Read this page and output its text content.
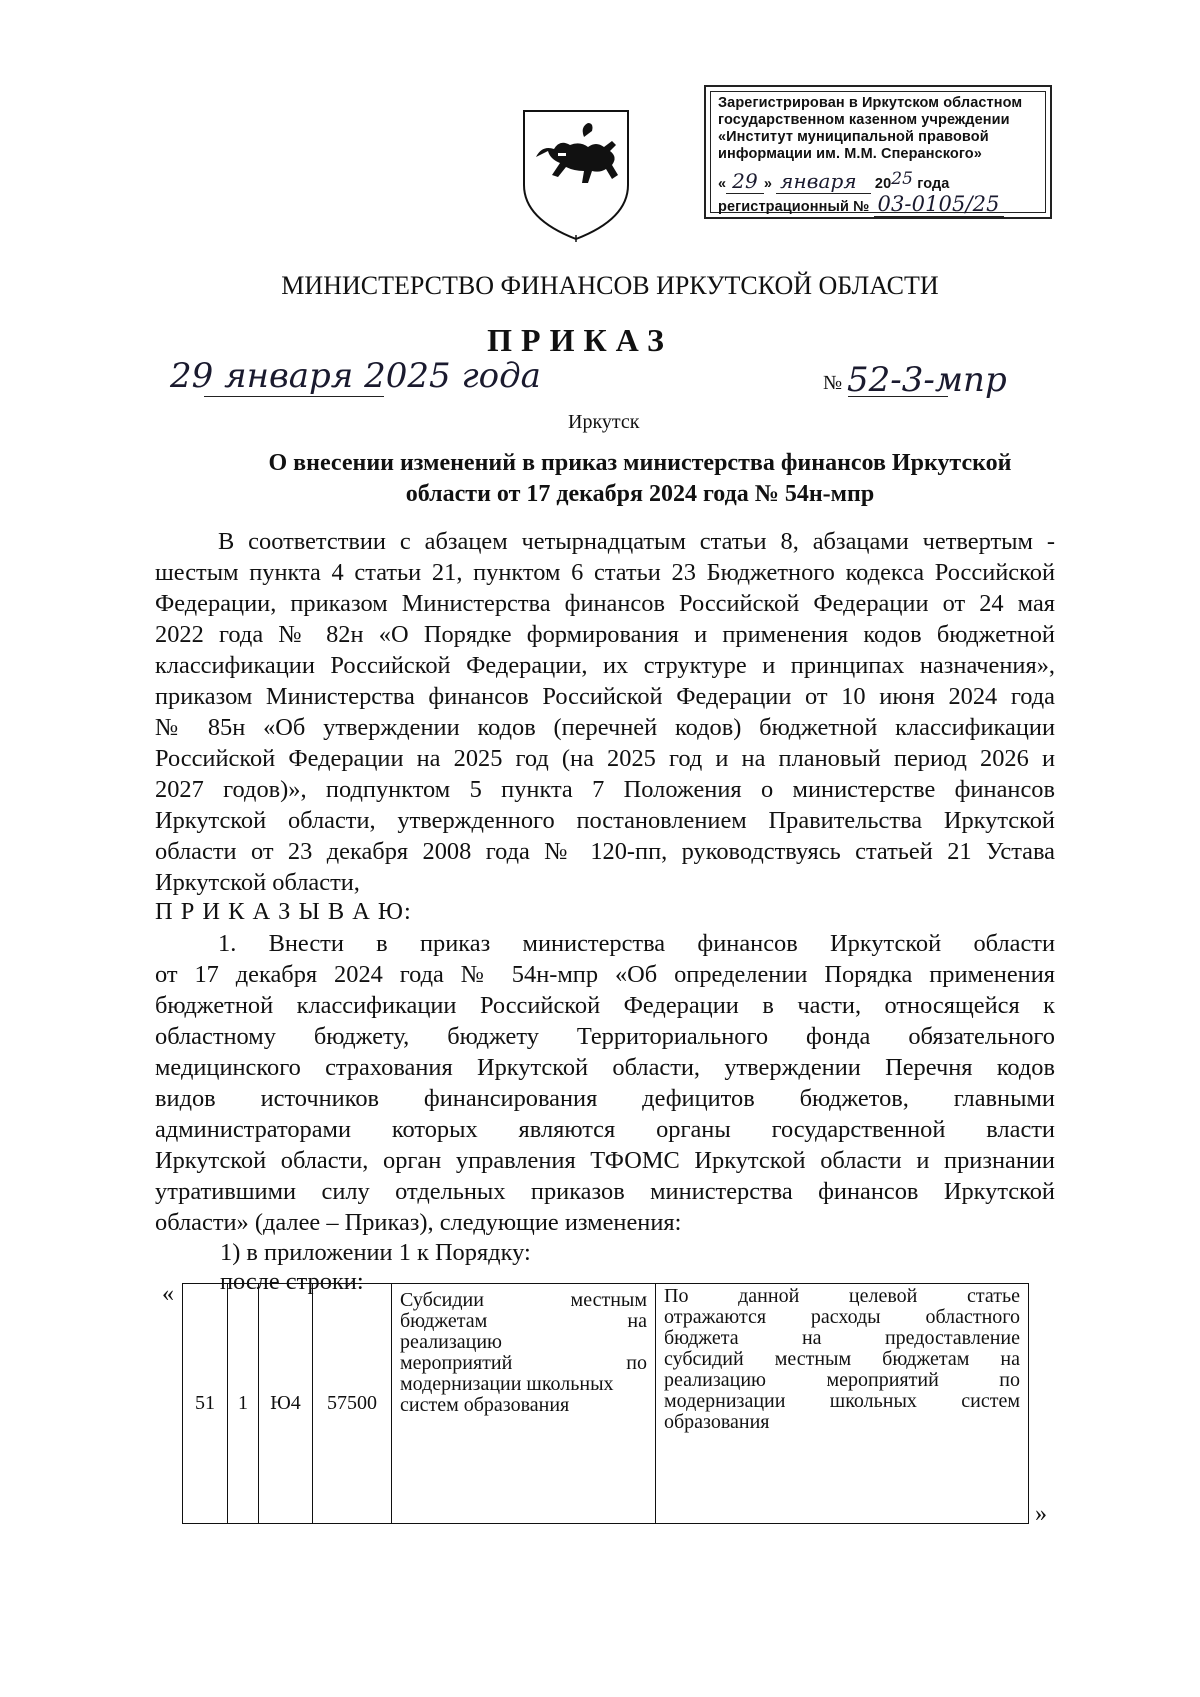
Зарегистрирован в Иркутском областном
государственном казенном учреждении
«Институт муниципальной правовой
информации им. М.М. Сперанского»
« 29 » января 2025 года
регистрационный № 03-0105/25
МИНИСТЕРСТВО ФИНАНСОВ ИРКУТСКОЙ ОБЛАСТИ
ПРИКАЗ
29 января 2025 года	№ 52-3-мпр
Иркутск
О внесении изменений в приказ министерства финансов Иркутской
области от 17 декабря 2024 года № 54н-мпр
В соответствии с абзацем четырнадцатым статьи 8, абзацами четвертым -
шестым пункта 4 статьи 21, пунктом 6 статьи 23 Бюджетного кодекса Российской
Федерации, приказом Министерства финансов Российской Федерации от 24 мая
2022 года № 82н «О Порядке формирования и применения кодов бюджетной
классификации Российской Федерации, их структуре и принципах назначения»,
приказом Министерства финансов Российской Федерации от 10 июня 2024 года
№ 85н «Об утверждении кодов (перечней кодов) бюджетной классификации
Российской Федерации на 2025 год (на 2025 год и на плановый период 2026 и
2027 годов)», подпунктом 5 пункта 7 Положения о министерстве финансов
Иркутской области, утвержденного постановлением Правительства Иркутской
области от 23 декабря 2008 года № 120-пп, руководствуясь статьей 21 Устава
Иркутской области,
П Р И К А З Ы В А Ю:
1. Внести в приказ министерства финансов Иркутской области
от 17 декабря 2024 года № 54н-мпр «Об определении Порядка применения
бюджетной классификации Российской Федерации в части, относящейся к
областному бюджету, бюджету Территориального фонда обязательного
медицинского страхования Иркутской области, утверждении Перечня кодов
видов источников финансирования дефицитов бюджетов, главными
администраторами которых являются органы государственной власти
Иркутской области, орган управления ТФОМС Иркутской области и признании
утратившими силу отдельных приказов министерства финансов Иркутской
области» (далее – Приказ), следующие изменения:
1) в приложении 1 к Порядку:
после строки:
«
51	1	Ю4	57500	
Субсидии местным
бюджетам на
реализацию
мероприятий по
модернизации школьных
систем образования

По данной целевой статье
отражаются расходы областного
бюджета на предоставление
субсидий местным бюджетам на
реализацию мероприятий по
модернизации школьных систем
образования
»
